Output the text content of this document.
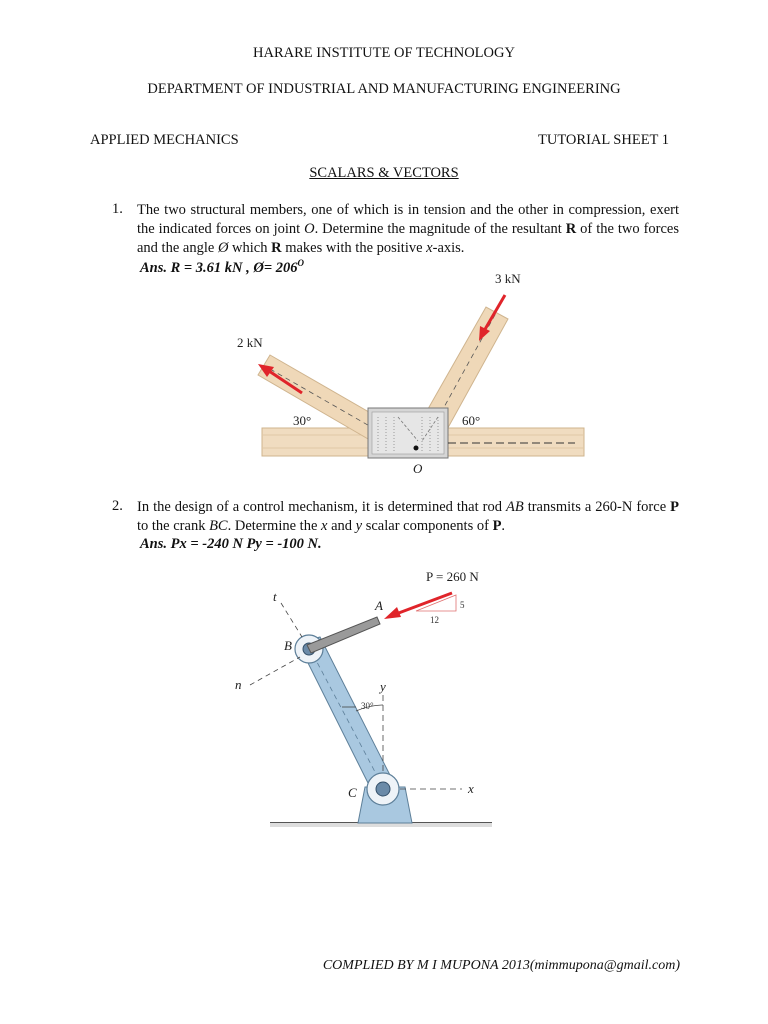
HARARE INSTITUTE OF TECHNOLOGY
DEPARTMENT OF INDUSTRIAL AND MANUFACTURING ENGINEERING
APPLIED MECHANICS	TUTORIAL SHEET 1
SCALARS & VECTORS
1. The two structural members, one of which is in tension and the other in compression, exert the indicated forces on joint O. Determine the magnitude of the resultant R of the two forces and the angle Ø which R makes with the positive x-axis.
Ans. R = 3.61 kN , Ø= $206^O$
2 kN
3 kN
30°	60°
O
2. In the design of a control mechanism, it is determined that rod AB transmits a 260-N force P to the crank BC. Determine the x and y scalar components of P.
Ans. Px = -240 N Py = -100 N.
P = 260 N
5
12
A
B
C
t
n
x
y
30°
COMPLIED BY M I MUPONA 2013(mimmupona@gmail.com)
